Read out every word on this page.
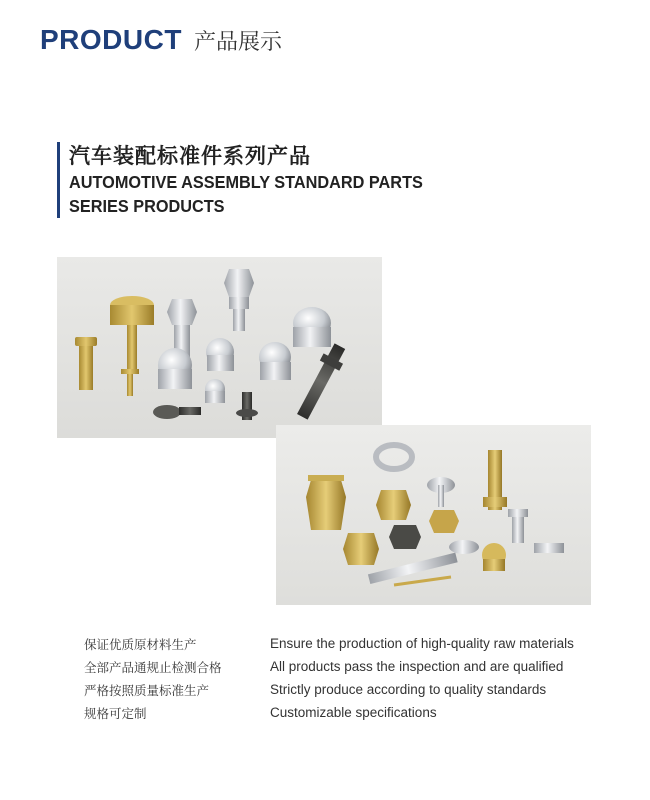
PRODUCT 产品展示
汽车装配标准件系列产品
AUTOMOTIVE ASSEMBLY STANDARD PARTS
SERIES PRODUCTS
保证优质原材料生产	Ensure the production of high-quality raw materials
全部产品通规止检测合格	All products pass the inspection and are qualified
严格按照质量标准生产	Strictly produce according to quality standards
规格可定制	Customizable specifications
